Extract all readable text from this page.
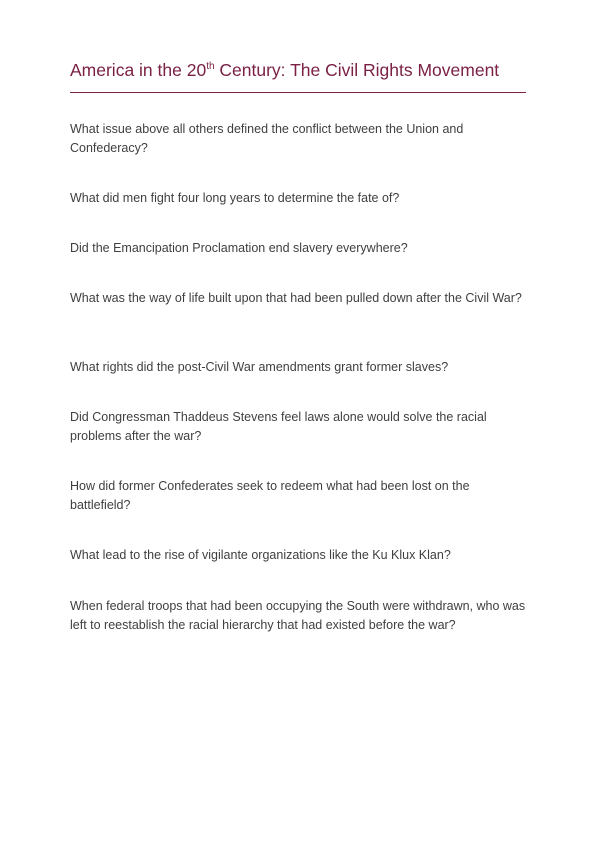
America in the 20th Century: The Civil Rights Movement

What issue above all others defined the conflict between the Union and Confederacy?

What did men fight four long years to determine the fate of?

Did the Emancipation Proclamation end slavery everywhere?

What was the way of life built upon that had been pulled down after the Civil War?

What rights did the post-Civil War amendments grant former slaves?

Did Congressman Thaddeus Stevens feel laws alone would solve the racial problems after the war?

How did former Confederates seek to redeem what had been lost on the battlefield?

What lead to the rise of vigilante organizations like the Ku Klux Klan?

When federal troops that had been occupying the South were withdrawn, who was left to reestablish the racial hierarchy that had existed before the war?
